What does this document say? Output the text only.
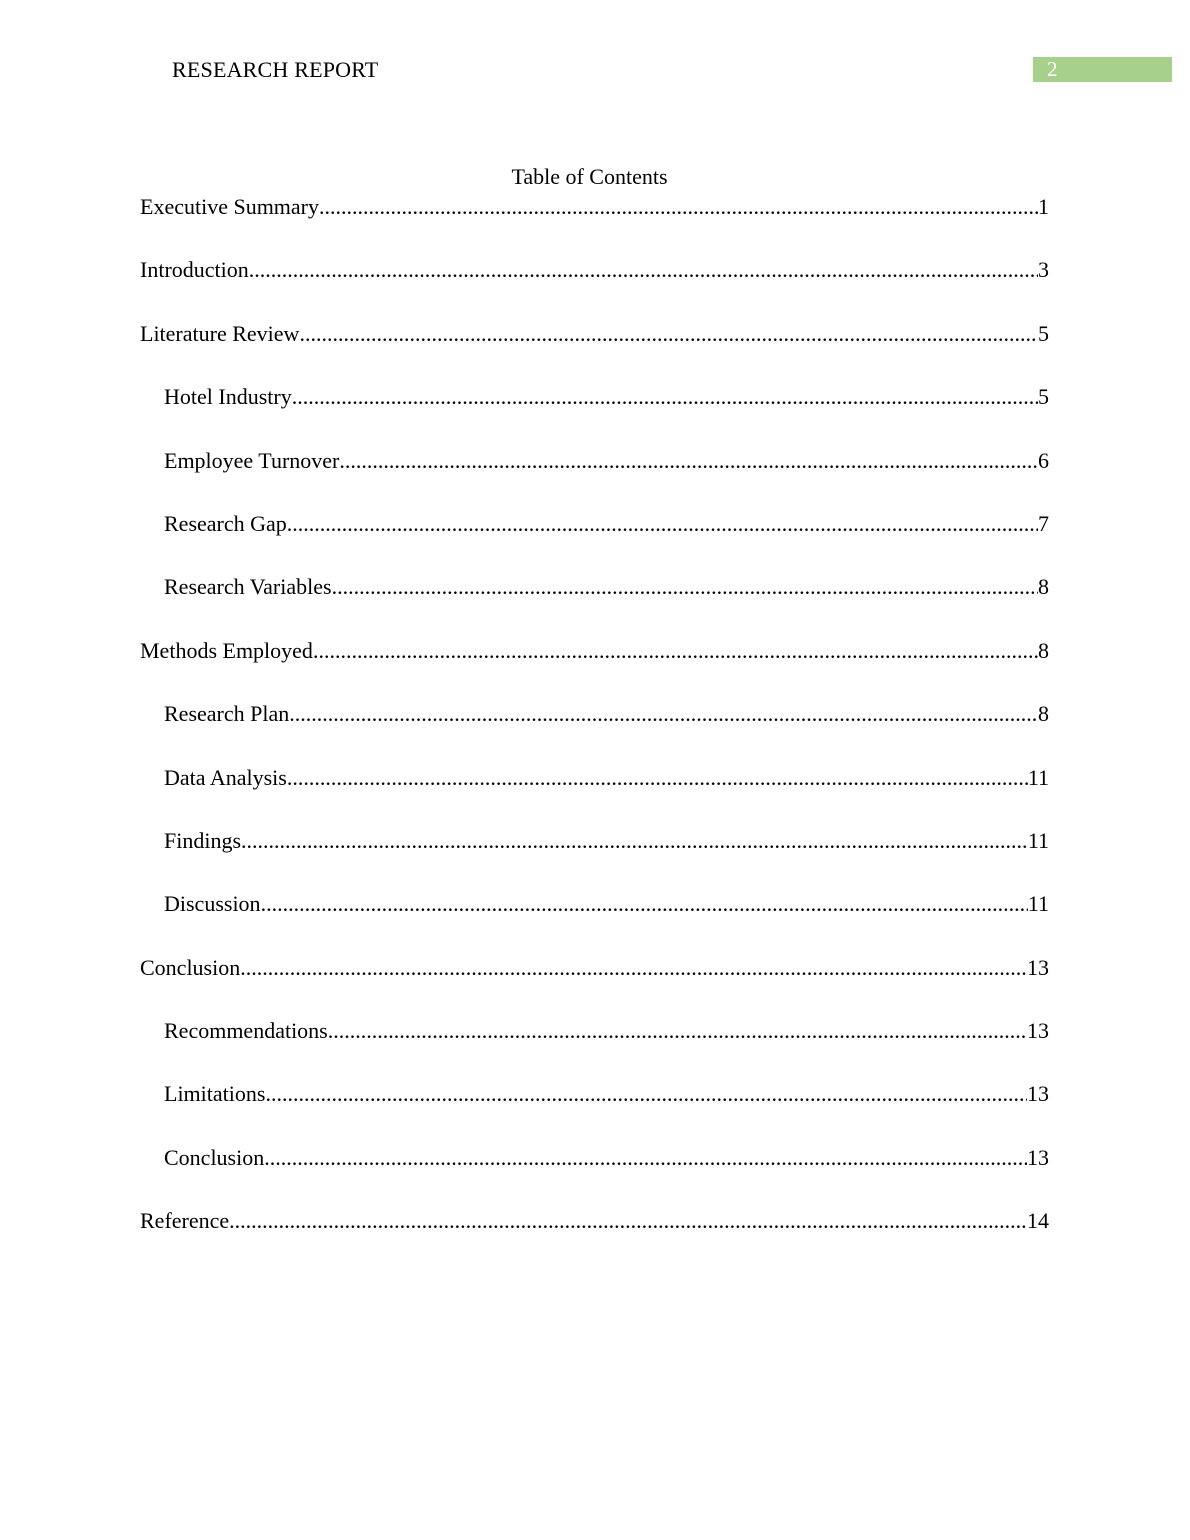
RESEARCH REPORT	2
Table of Contents
Executive Summary .....	1
Introduction .....	3
Literature Review .....	5
Hotel Industry .....	5
Employee Turnover .....	6
Research Gap .....	7
Research Variables .....	8
Methods Employed .....	8
Research Plan .....	8
Data Analysis .....	11
Findings .....	11
Discussion .....	11
Conclusion .....	13
Recommendations .....	13
Limitations .....	13
Conclusion .....	13
Reference .....	14
